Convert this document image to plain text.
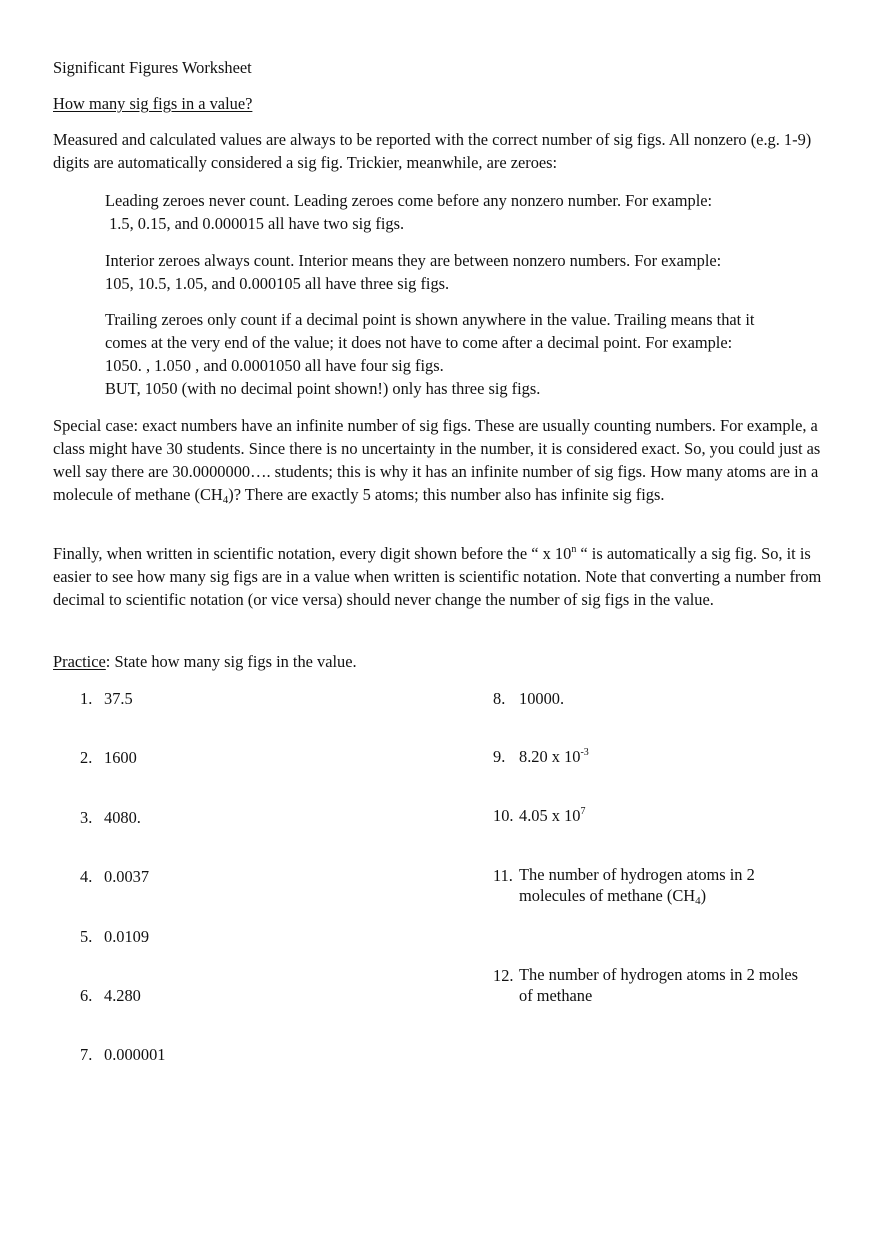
Significant Figures Worksheet

How many sig figs in a value?

Measured and calculated values are always to be reported with the correct number of sig figs. All nonzero (e.g. 1-9) digits are automatically considered a sig fig. Trickier, meanwhile, are zeroes:

Leading zeroes never count. Leading zeroes come before any nonzero number. For example:

1.5, 0.15, and 0.000015 all have two sig figs.

Interior zeroes always count. Interior means they are between nonzero numbers. For example:

105, 10.5, 1.05, and 0.000105 all have three sig figs.

Trailing zeroes only count if a decimal point is shown anywhere in the value. Trailing means that it

comes at the very end of the value; it does not have to come after a decimal point. For example:

1050. , 1.050 , and 0.0001050 all have four sig figs.

BUT, 1050 (with no decimal point shown!) only has three sig figs.

Special case: exact numbers have an infinite number of sig figs. These are usually counting numbers. For example, a class might have 30 students. Since there is no uncertainty in the number, it is considered exact. So, you could just as well say there are 30.0000000…. students; this is why it has an infinite number of sig figs. How many atoms are in a molecule of methane $(CH_4)$? There are exactly 5 atoms; this number also has infinite sig figs.

Finally, when written in scientific notation, every digit shown before the “ x 10$^n$ “ is automatically a sig fig. So, it is easier to see how many sig figs are in a value when written is scientific notation. Note that converting a number from decimal to scientific notation (or vice versa) should never change the number of sig figs in the value.

Practice: State how many sig figs in the value.

1. 37.5
2. 1600
3. 4080.
4. 0.0037
5. 0.0109
6. 4.280
7. 0.000001
8. 10000.
9. 8.20 x $10^{-3}$
10. 4.05 x $10^7$
11. The number of hydrogen atoms in 2
molecules of methane $(CH_4)$
12. The number of hydrogen atoms in 2 moles
of methane
